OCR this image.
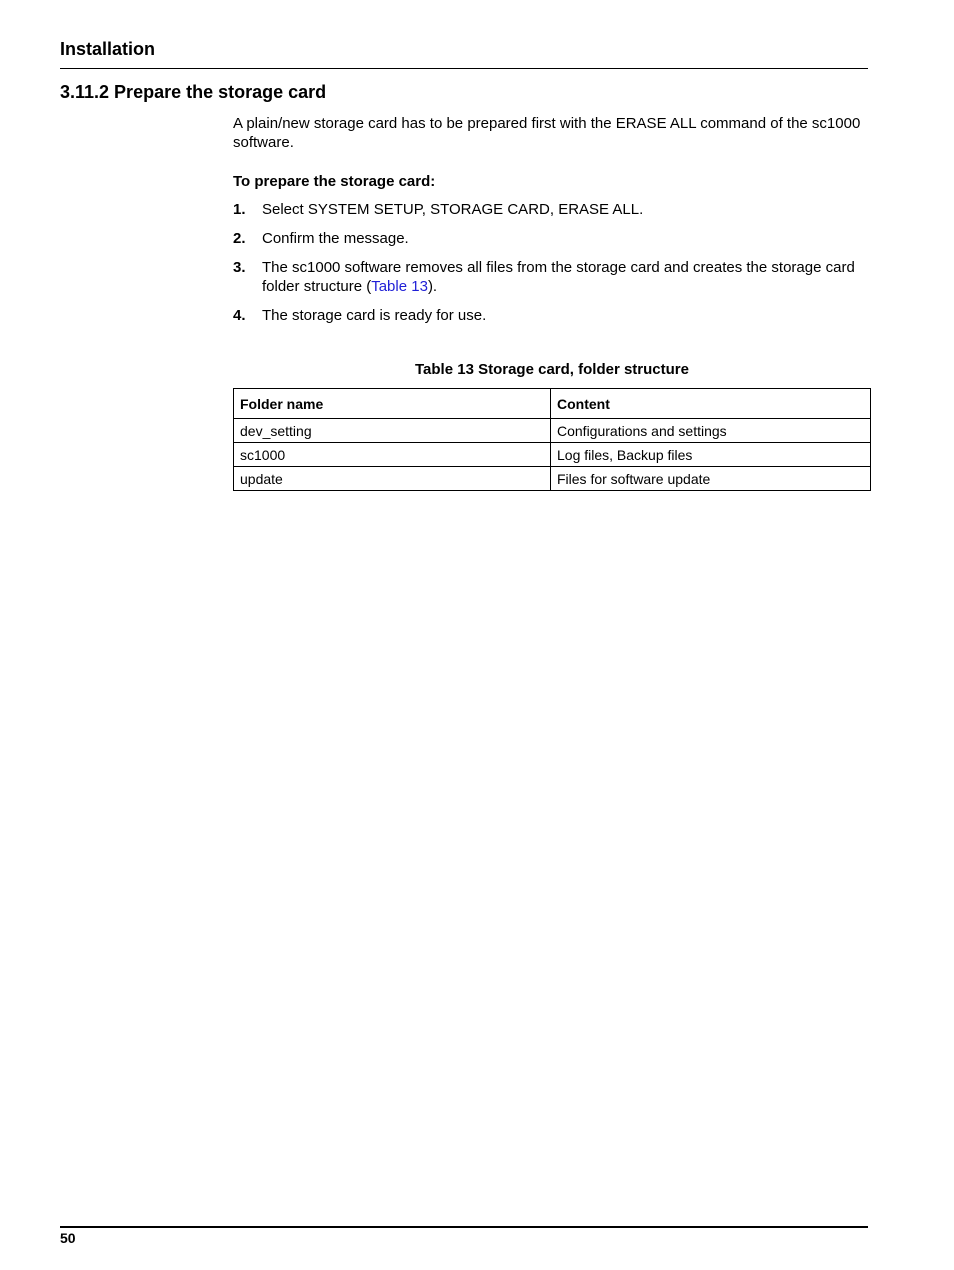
Installation
3.11.2 Prepare the storage card

A plain/new storage card has to be prepared first with the ERASE ALL command of the sc1000 software.

To prepare the storage card:

1.	Select SYSTEM SETUP, STORAGE CARD, ERASE ALL.
2.	Confirm the message.
3.	The sc1000 software removes all files from the storage card and creates the storage card folder structure (Table 13).
4.	The storage card is ready for use.

Table 13 Storage card, folder structure

Folder name	Content
dev_setting	Configurations and settings
sc1000	Log files, Backup files
update	Files for software update

50
